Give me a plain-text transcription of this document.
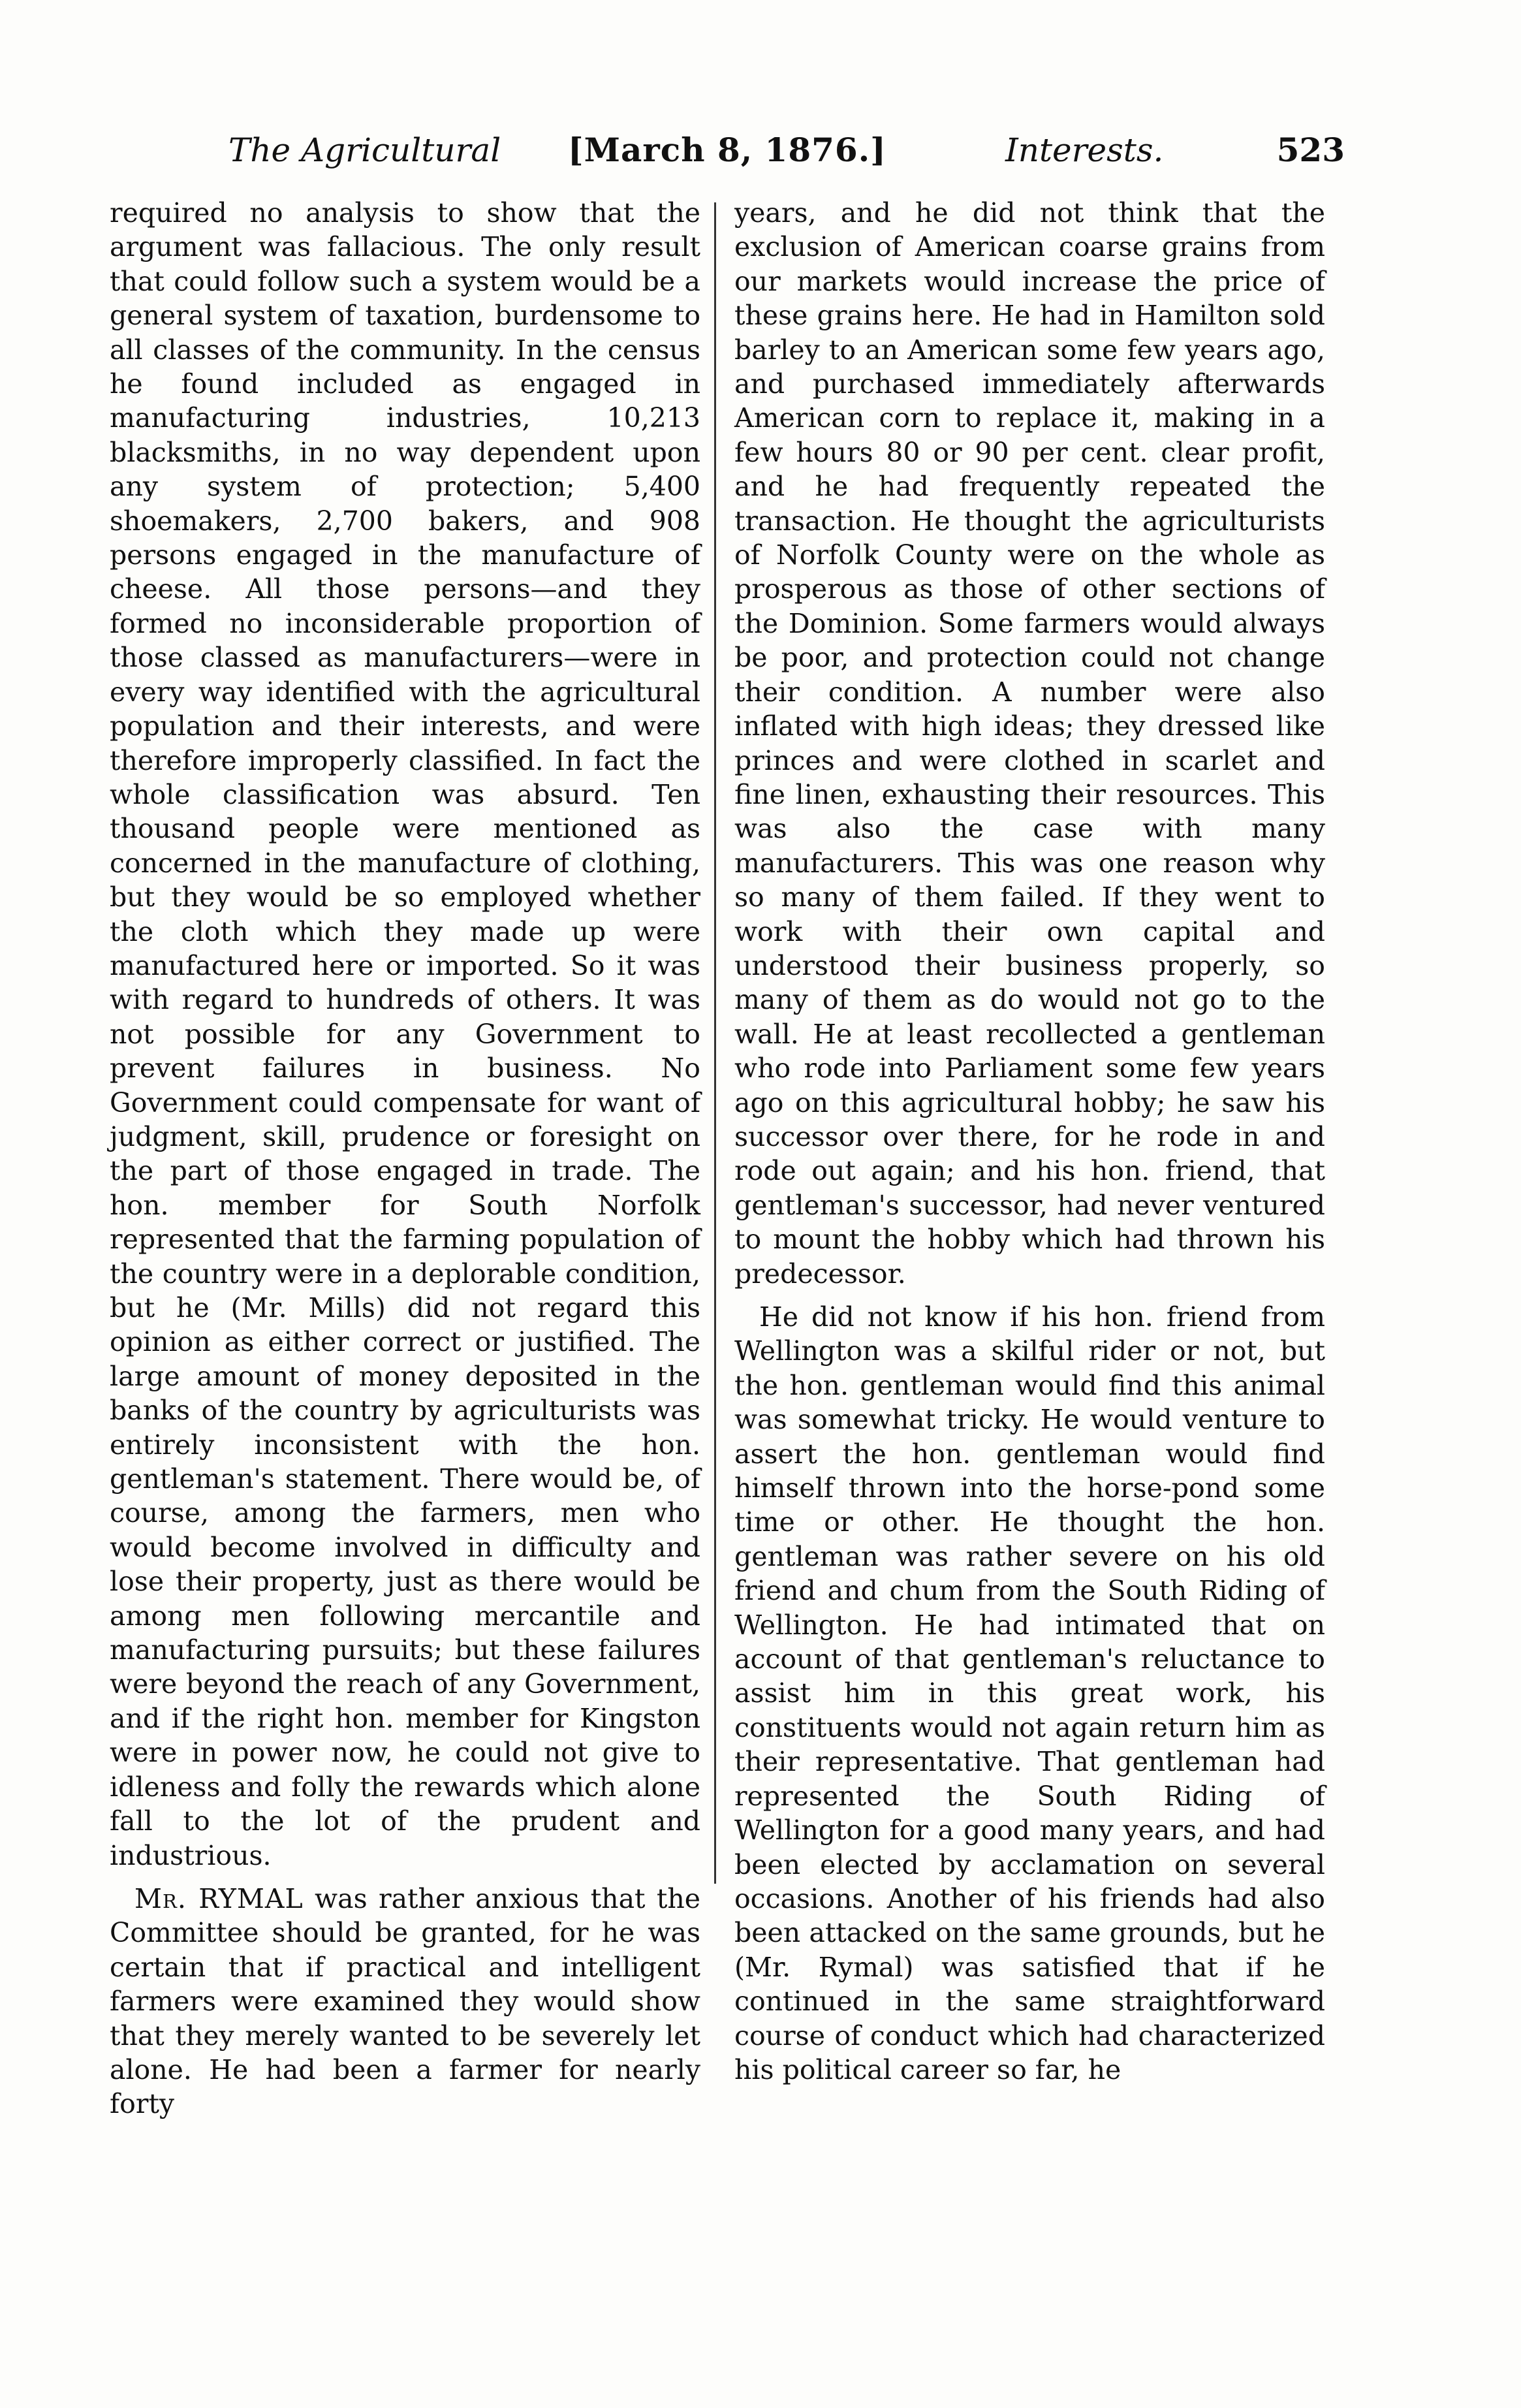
The Agricultural [March 8, 1876.]	Interests.	523

required no analysis to show that the argument was fallacious. The only result that could follow such a system would be a general system of taxation, burdensome to all classes of the community. In the census he found included as engaged in manufacturing industries, 10,213 blacksmiths, in no way dependent upon any system of protection; 5,400 shoemakers, 2,700 bakers, and 908 persons engaged in the manufacture of cheese. All those persons—and they formed no inconsiderable proportion of those classed as manufacturers—were in every way identified with the agricultural population and their interests, and were therefore improperly classified. In fact the whole classification was absurd. Ten thousand people were mentioned as concerned in the manufacture of clothing, but they would be so employed whether the cloth which they made up were manufactured here or imported. So it was with regard to hundreds of others. It was not possible for any Government to prevent failures in business. No Government could compensate for want of judgment, skill, prudence or foresight on the part of those engaged in trade. The hon. member for South Norfolk represented that the farming population of the country were in a deplorable condition, but he (Mr. Mills) did not regard this opinion as either correct or justified. The large amount of money deposited in the banks of the country by agriculturists was entirely inconsistent with the hon. gentleman's statement. There would be, of course, among the farmers, men who would become involved in difficulty and lose their property, just as there would be among men following mercantile and manufacturing pursuits; but these failures were beyond the reach of any Government, and if the right hon. member for Kingston were in power now, he could not give to idleness and folly the rewards which alone fall to the lot of the prudent and industrious.

Mr. RYMAL was rather anxious that the Committee should be granted, for he was certain that if practical and intelligent farmers were examined they would show that they merely wanted to be severely let alone. He had been a farmer for nearly forty

years, and he did not think that the exclusion of American coarse grains from our markets would increase the price of these grains here. He had in Hamilton sold barley to an American some few years ago, and purchased immediately afterwards American corn to replace it, making in a few hours 80 or 90 per cent. clear profit, and he had frequently repeated the transaction. He thought the agriculturists of Norfolk County were on the whole as prosperous as those of other sections of the Dominion. Some farmers would always be poor, and protection could not change their condition. A number were also inflated with high ideas; they dressed like princes and were clothed in scarlet and fine linen, exhausting their resources. This was also the case with many manufacturers. This was one reason why so many of them failed. If they went to work with their own capital and understood their business properly, so many of them as do would not go to the wall. He at least recollected a gentleman who rode into Parliament some few years ago on this agricultural hobby; he saw his successor over there, for he rode in and rode out again; and his hon. friend, that gentleman's successor, had never ventured to mount the hobby which had thrown his predecessor.

He did not know if his hon. friend from Wellington was a skilful rider or not, but the hon. gentleman would find this animal was somewhat tricky. He would venture to assert the hon. gentleman would find himself thrown into the horse-pond some time or other. He thought the hon. gentleman was rather severe on his old friend and chum from the South Riding of Wellington. He had intimated that on account of that gentleman's reluctance to assist him in this great work, his constituents would not again return him as their representative. That gentleman had represented the South Riding of Wellington for a good many years, and had been elected by acclamation on several occasions. Another of his friends had also been attacked on the same grounds, but he (Mr. Rymal) was satisfied that if he continued in the same straightforward course of conduct which had characterized his political career so far, he
